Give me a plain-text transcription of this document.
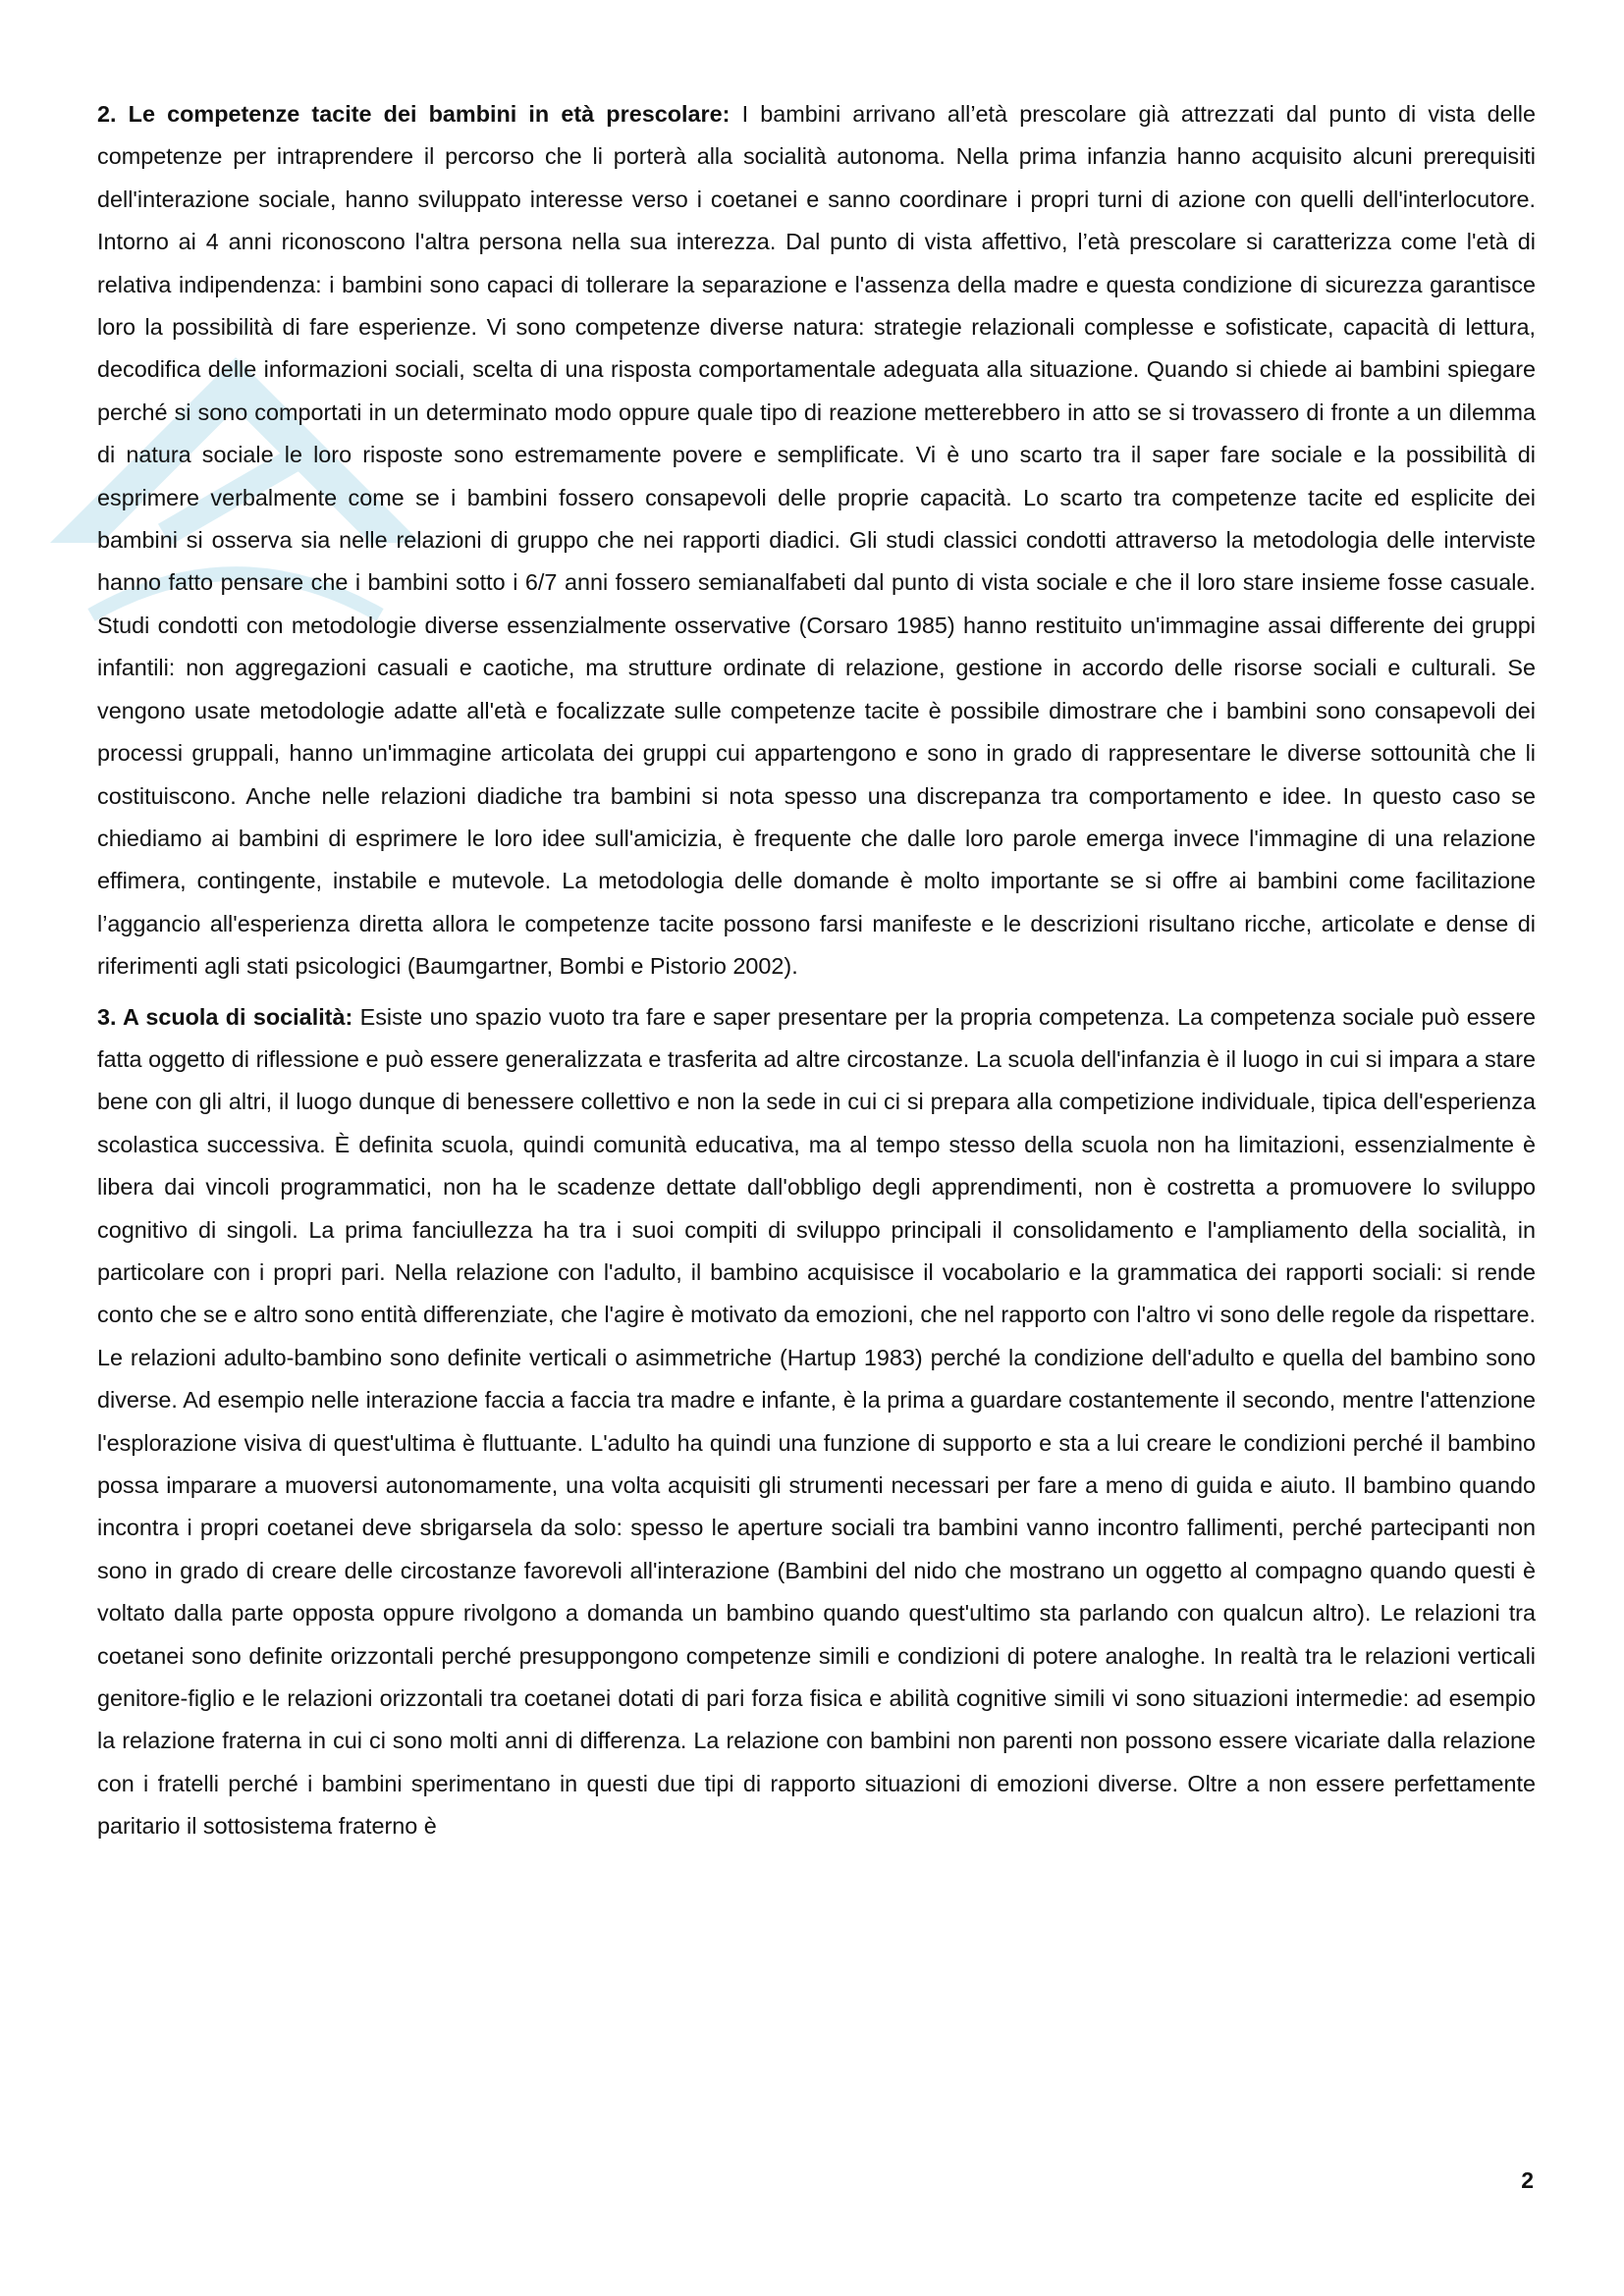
2. Le competenze tacite dei bambini in età prescolare: I bambini arrivano all’età prescolare già attrezzati dal punto di vista delle competenze per intraprendere il percorso che li porterà alla socialità autonoma. Nella prima infanzia hanno acquisito alcuni prerequisiti dell'interazione sociale, hanno sviluppato interesse verso i coetanei e sanno coordinare i propri turni di azione con quelli dell'interlocutore. Intorno ai 4 anni riconoscono l'altra persona nella sua interezza. Dal punto di vista affettivo, l’età prescolare si caratterizza come l'età di relativa indipendenza: i bambini sono capaci di tollerare la separazione e l'assenza della madre e questa condizione di sicurezza garantisce loro la possibilità di fare esperienze. Vi sono competenze diverse natura: strategie relazionali complesse e sofisticate, capacità di lettura, decodifica delle informazioni sociali, scelta di una risposta comportamentale adeguata alla situazione. Quando si chiede ai bambini spiegare perché si sono comportati in un determinato modo oppure quale tipo di reazione metterebbero in atto se si trovassero di fronte a un dilemma di natura sociale le loro risposte sono estremamente povere e semplificate. Vi è uno scarto tra il saper fare sociale e la possibilità di esprimere verbalmente come se i bambini fossero consapevoli delle proprie capacità. Lo scarto tra competenze tacite ed esplicite dei bambini si osserva sia nelle relazioni di gruppo che nei rapporti diadici. Gli studi classici condotti attraverso la metodologia delle interviste hanno fatto pensare che i bambini sotto i 6/7 anni fossero semianalfabeti dal punto di vista sociale e che il loro stare insieme fosse casuale. Studi condotti con metodologie diverse essenzialmente osservative (Corsaro 1985) hanno restituito un'immagine assai differente dei gruppi infantili: non aggregazioni casuali e caotiche, ma strutture ordinate di relazione, gestione in accordo delle risorse sociali e culturali. Se vengono usate metodologie adatte all'età e focalizzate sulle competenze tacite è possibile dimostrare che i bambini sono consapevoli dei processi gruppali, hanno un'immagine articolata dei gruppi cui appartengono e sono in grado di rappresentare le diverse sottounità che li costituiscono. Anche nelle relazioni diadiche tra bambini si nota spesso una discrepanza tra comportamento e idee. In questo caso se chiediamo ai bambini di esprimere le loro idee sull'amicizia, è frequente che dalle loro parole emerga invece l'immagine di una relazione effimera, contingente, instabile e mutevole. La metodologia delle domande è molto importante se si offre ai bambini come facilitazione l’aggancio all'esperienza diretta allora le competenze tacite possono farsi manifeste e le descrizioni risultano ricche, articolate e dense di riferimenti agli stati psicologici (Baumgartner, Bombi e Pistorio 2002).

3. A scuola di socialità: Esiste uno spazio vuoto tra fare e saper presentare per la propria competenza. La competenza sociale può essere fatta oggetto di riflessione e può essere generalizzata e trasferita ad altre circostanze. La scuola dell'infanzia è il luogo in cui si impara a stare bene con gli altri, il luogo dunque di benessere collettivo e non la sede in cui ci si prepara alla competizione individuale, tipica dell'esperienza scolastica successiva. È definita scuola, quindi comunità educativa, ma al tempo stesso della scuola non ha limitazioni, essenzialmente è libera dai vincoli programmatici, non ha le scadenze dettate dall'obbligo degli apprendimenti, non è costretta a promuovere lo sviluppo cognitivo di singoli. La prima fanciullezza ha tra i suoi compiti di sviluppo principali il consolidamento e l'ampliamento della socialità, in particolare con i propri pari. Nella relazione con l'adulto, il bambino acquisisce il vocabolario e la grammatica dei rapporti sociali: si rende conto che se e altro sono entità differenziate, che l'agire è motivato da emozioni, che nel rapporto con l'altro vi sono delle regole da rispettare. Le relazioni adulto-bambino sono definite verticali o asimmetriche (Hartup 1983) perché la condizione dell'adulto e quella del bambino sono diverse. Ad esempio nelle interazione faccia a faccia tra madre e infante, è la prima a guardare costantemente il secondo, mentre l'attenzione l'esplorazione visiva di quest'ultima è fluttuante. L'adulto ha quindi una funzione di supporto e sta a lui creare le condizioni perché il bambino possa imparare a muoversi autonomamente, una volta acquisiti gli strumenti necessari per fare a meno di guida e aiuto. Il bambino quando incontra i propri coetanei deve sbrigarsela da solo: spesso le aperture sociali tra bambini vanno incontro fallimenti, perché partecipanti non sono in grado di creare delle circostanze favorevoli all'interazione (Bambini del nido che mostrano un oggetto al compagno quando questi è voltato dalla parte opposta oppure rivolgono a domanda un bambino quando quest'ultimo sta parlando con qualcun altro). Le relazioni tra coetanei sono definite orizzontali perché presuppongono competenze simili e condizioni di potere analoghe. In realtà tra le relazioni verticali genitore-figlio e le relazioni orizzontali tra coetanei dotati di pari forza fisica e abilità cognitive simili vi sono situazioni intermedie: ad esempio la relazione fraterna in cui ci sono molti anni di differenza. La relazione con bambini non parenti non possono essere vicariate dalla relazione con i fratelli perché i bambini sperimentano in questi due tipi di rapporto situazioni di emozioni diverse. Oltre a non essere perfettamente paritario il sottosistema fraterno è

2
